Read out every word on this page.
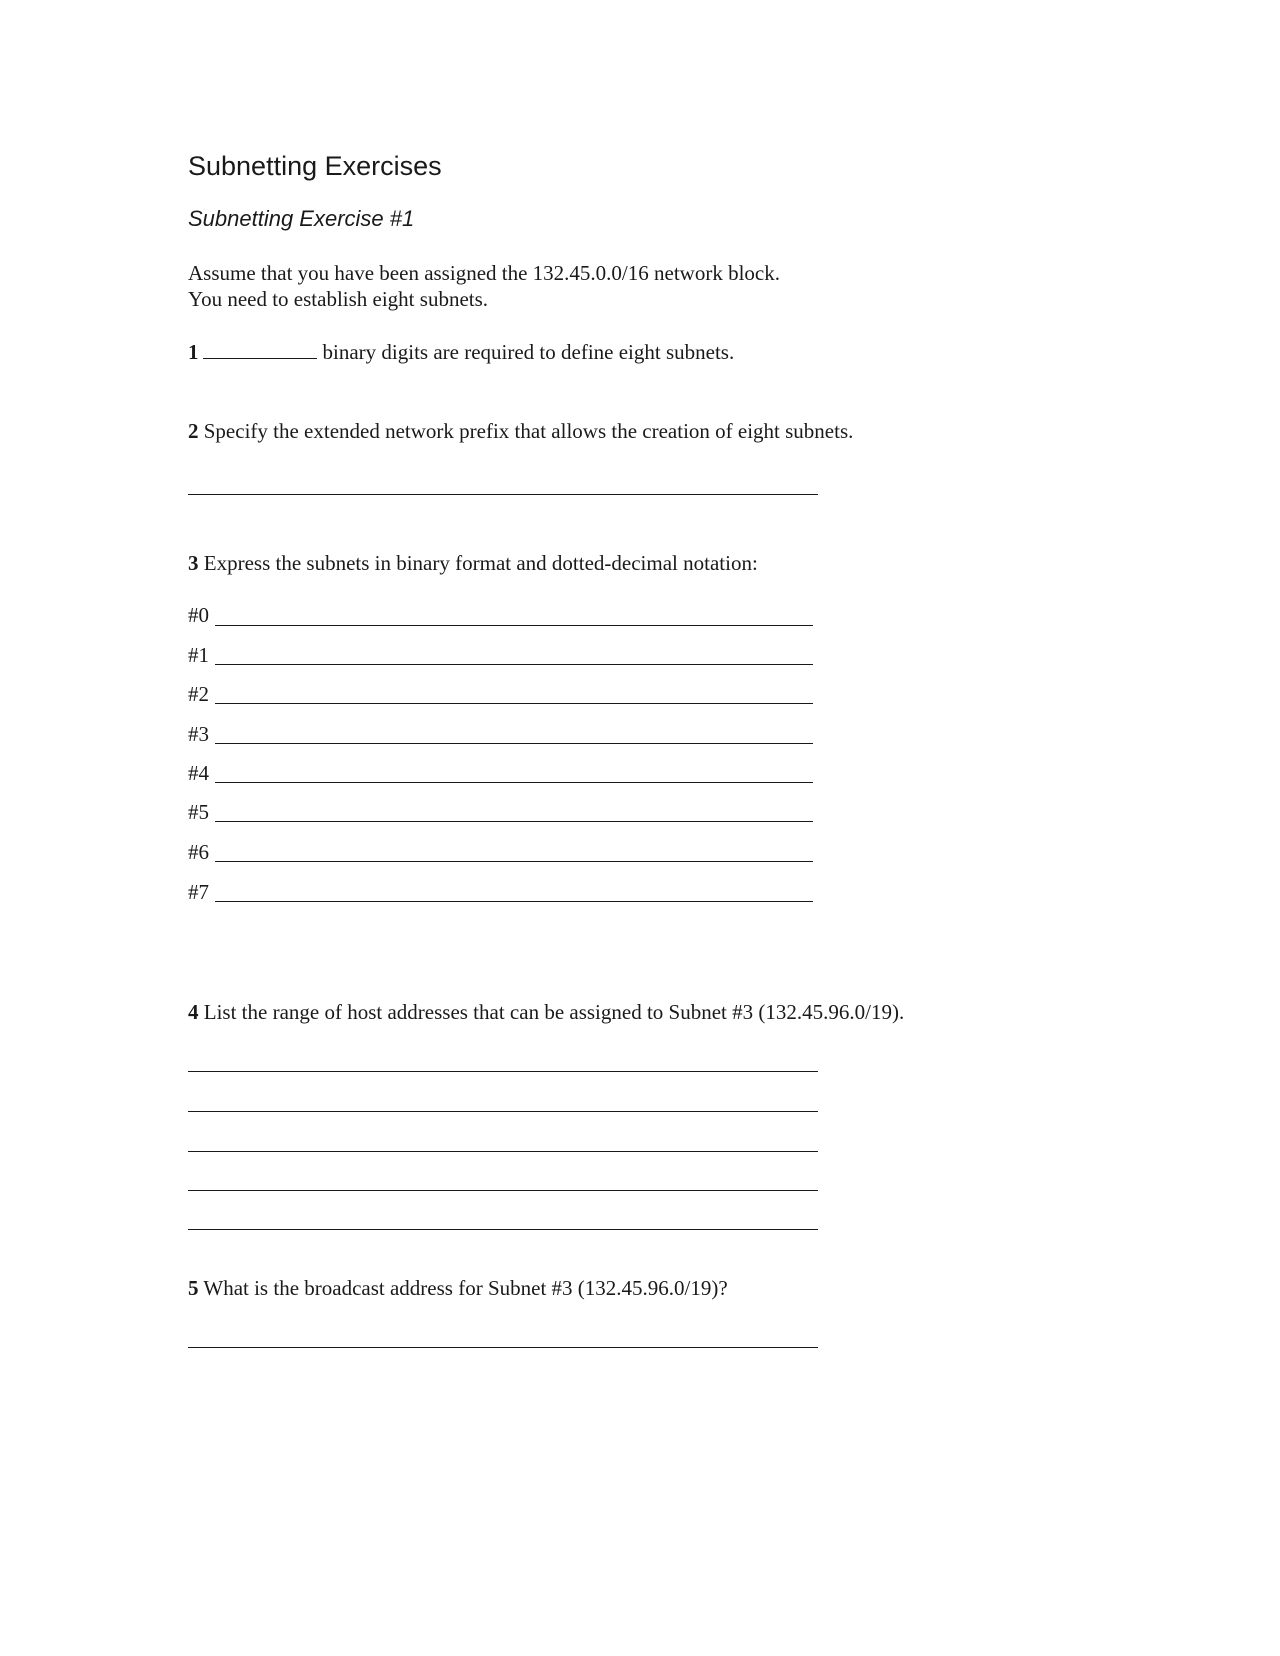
Subnetting Exercises
Subnetting Exercise #1
Assume that you have been assigned the 132.45.0.0/16 network block.
You need to establish eight subnets.
1	binary digits are required to define eight subnets.
2 Specify the extended network prefix that allows the creation of eight subnets.
3 Express the subnets in binary format and dotted-decimal notation:
#0
#1
#2
#3
#4
#5
#6
#7
4 List the range of host addresses that can be assigned to Subnet #3 (132.45.96.0/19).
5 What is the broadcast address for Subnet #3 (132.45.96.0/19)?
